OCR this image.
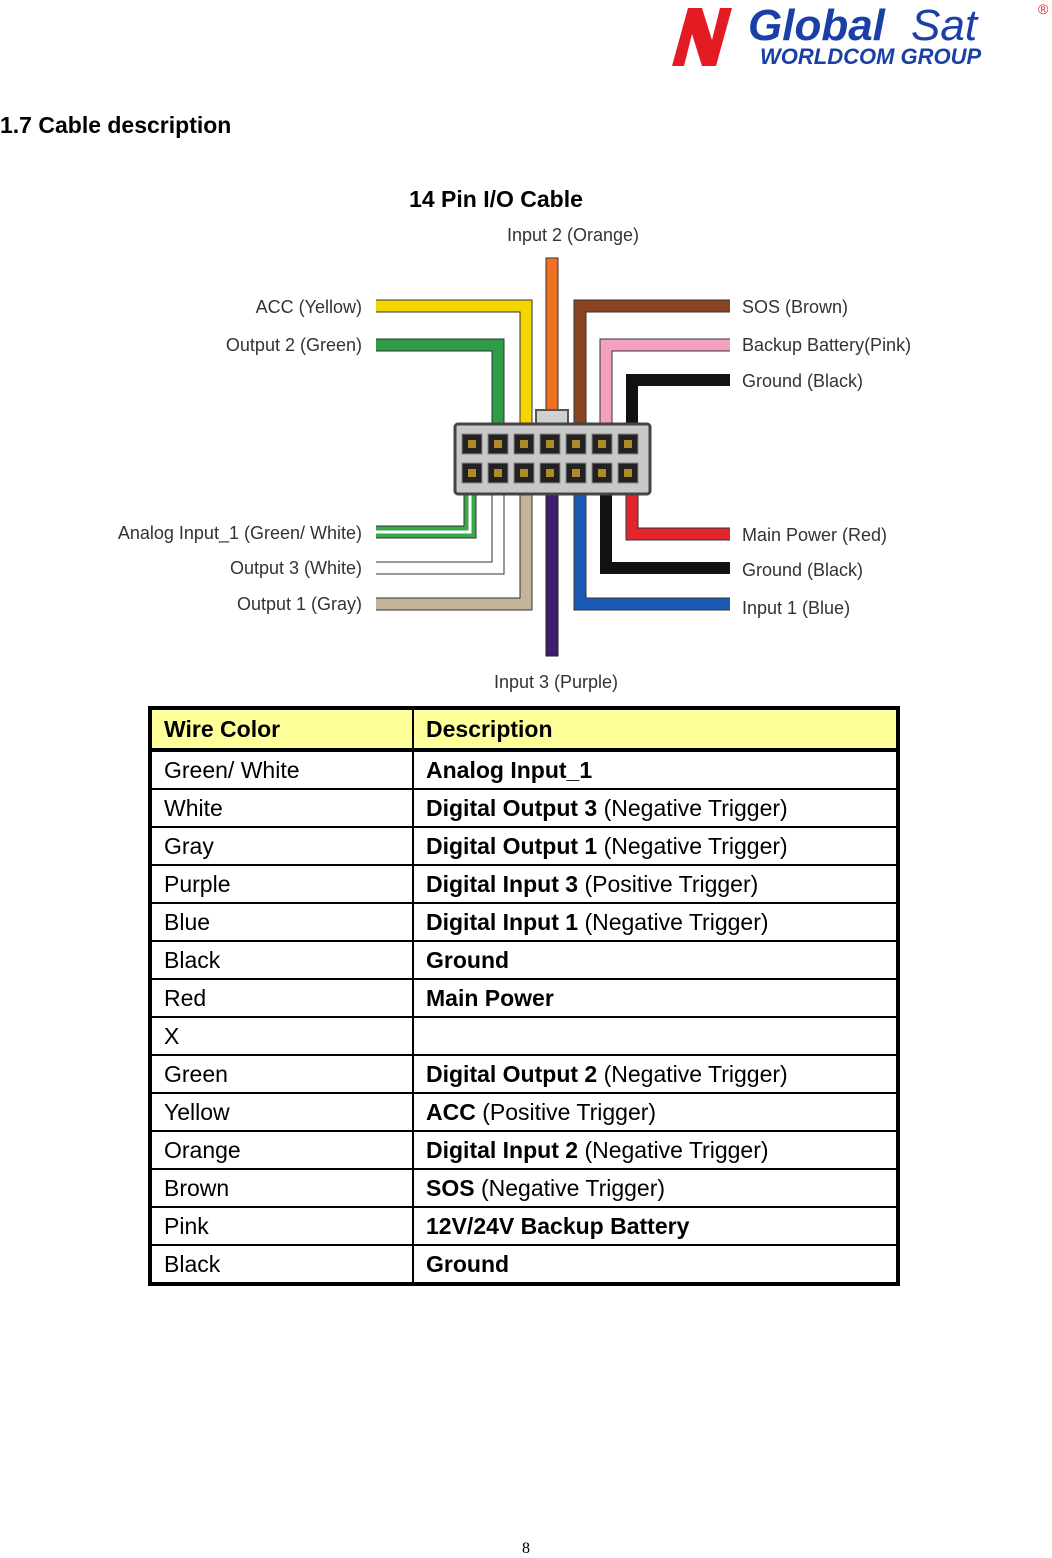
Global Sat	®
WORLDCOM GROUP
1.7 Cable description
14 Pin I/O Cable
Input 2 (Orange)
ACC (Yellow)
Output 2 (Green)
SOS (Brown)
Backup Battery(Pink)
Ground (Black)
Analog Input_1 (Green/ White)
Output 3 (White)
Output 1 (Gray)
Main Power (Red)
Ground (Black)
Input 1 (Blue)
Input 3 (Purple)
Wire Color	Description
Green/ White	Analog Input_1
White	Digital Output 3 (Negative Trigger)
Gray	Digital Output 1 (Negative Trigger)
Purple	Digital Input 3 (Positive Trigger)
Blue	Digital Input 1 (Negative Trigger)
Black	Ground
Red	Main Power
X	
Green	Digital Output 2 (Negative Trigger)
Yellow	ACC (Positive Trigger)
Orange	Digital Input 2 (Negative Trigger)
Brown	SOS (Negative Trigger)
Pink	12V/24V Backup Battery
Black	Ground
8
